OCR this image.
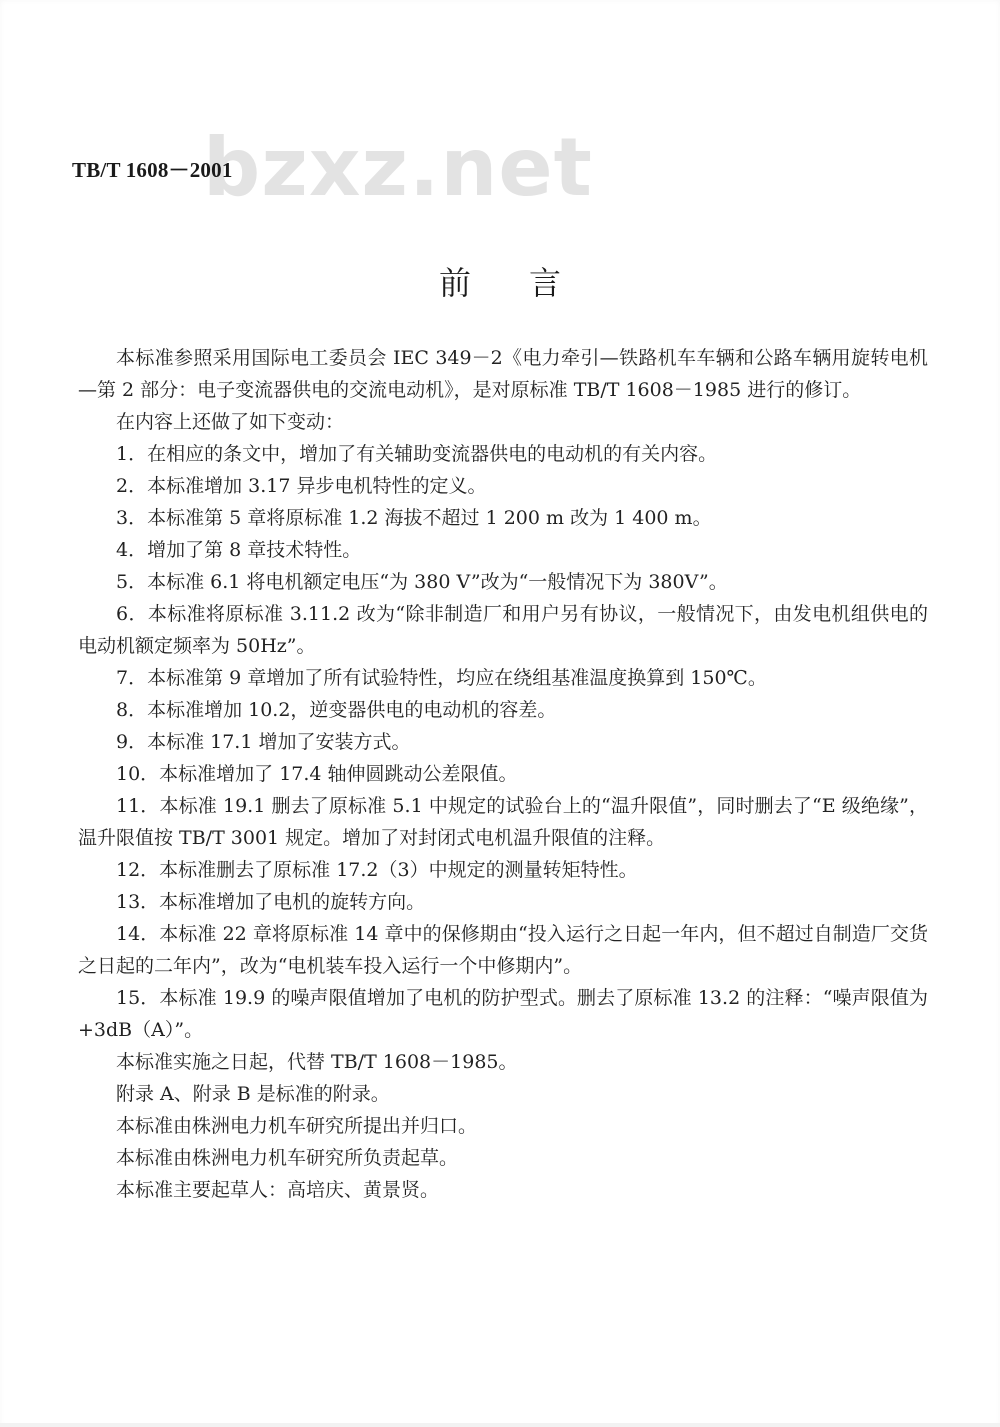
bzxz.net
TB/T 1608－2001
前言

本标准参照采用国际电工委员会 IEC 349－2《电力牵引—铁路机车车辆和公路车辆用旋转电机—第 2 部分：电子变流器供电的交流电动机》，是对原标准 TB/T 1608－1985 进行的修订。

在内容上还做了如下变动：

1．在相应的条文中，增加了有关辅助变流器供电的电动机的有关内容。

2．本标准增加 3.17 异步电机特性的定义。

3．本标准第 5 章将原标准 1.2 海拔不超过 1 200 m 改为 1 400 m。

4．增加了第 8 章技术特性。

5．本标准 6.1 将电机额定电压“为 380 V”改为“一般情况下为 380V”。

6．本标准将原标准 3.11.2 改为“除非制造厂和用户另有协议，一般情况下，由发电机组供电的电动机额定频率为 50Hz”。

7．本标准第 9 章增加了所有试验特性，均应在绕组基准温度换算到 150℃。

8．本标准增加 10.2，逆变器供电的电动机的容差。

9．本标准 17.1 增加了安装方式。

10．本标准增加了 17.4 轴伸圆跳动公差限值。

11．本标准 19.1 删去了原标准 5.1 中规定的试验台上的“温升限值”，同时删去了“E 级绝缘”，温升限值按 TB/T 3001 规定。增加了对封闭式电机温升限值的注释。

12．本标准删去了原标准 17.2（3）中规定的测量转矩特性。

13．本标准增加了电机的旋转方向。

14．本标准 22 章将原标准 14 章中的保修期由“投入运行之日起一年内，但不超过自制造厂交货之日起的二年内”，改为“电机装车投入运行一个中修期内”。

15．本标准 19.9 的噪声限值增加了电机的防护型式。删去了原标准 13.2 的注释：“噪声限值为+3dB（A）”。

本标准实施之日起，代替 TB/T 1608－1985。

附录 A、附录 B 是标准的附录。

本标准由株洲电力机车研究所提出并归口。

本标准由株洲电力机车研究所负责起草。

本标准主要起草人：高培庆、黄景贤。
